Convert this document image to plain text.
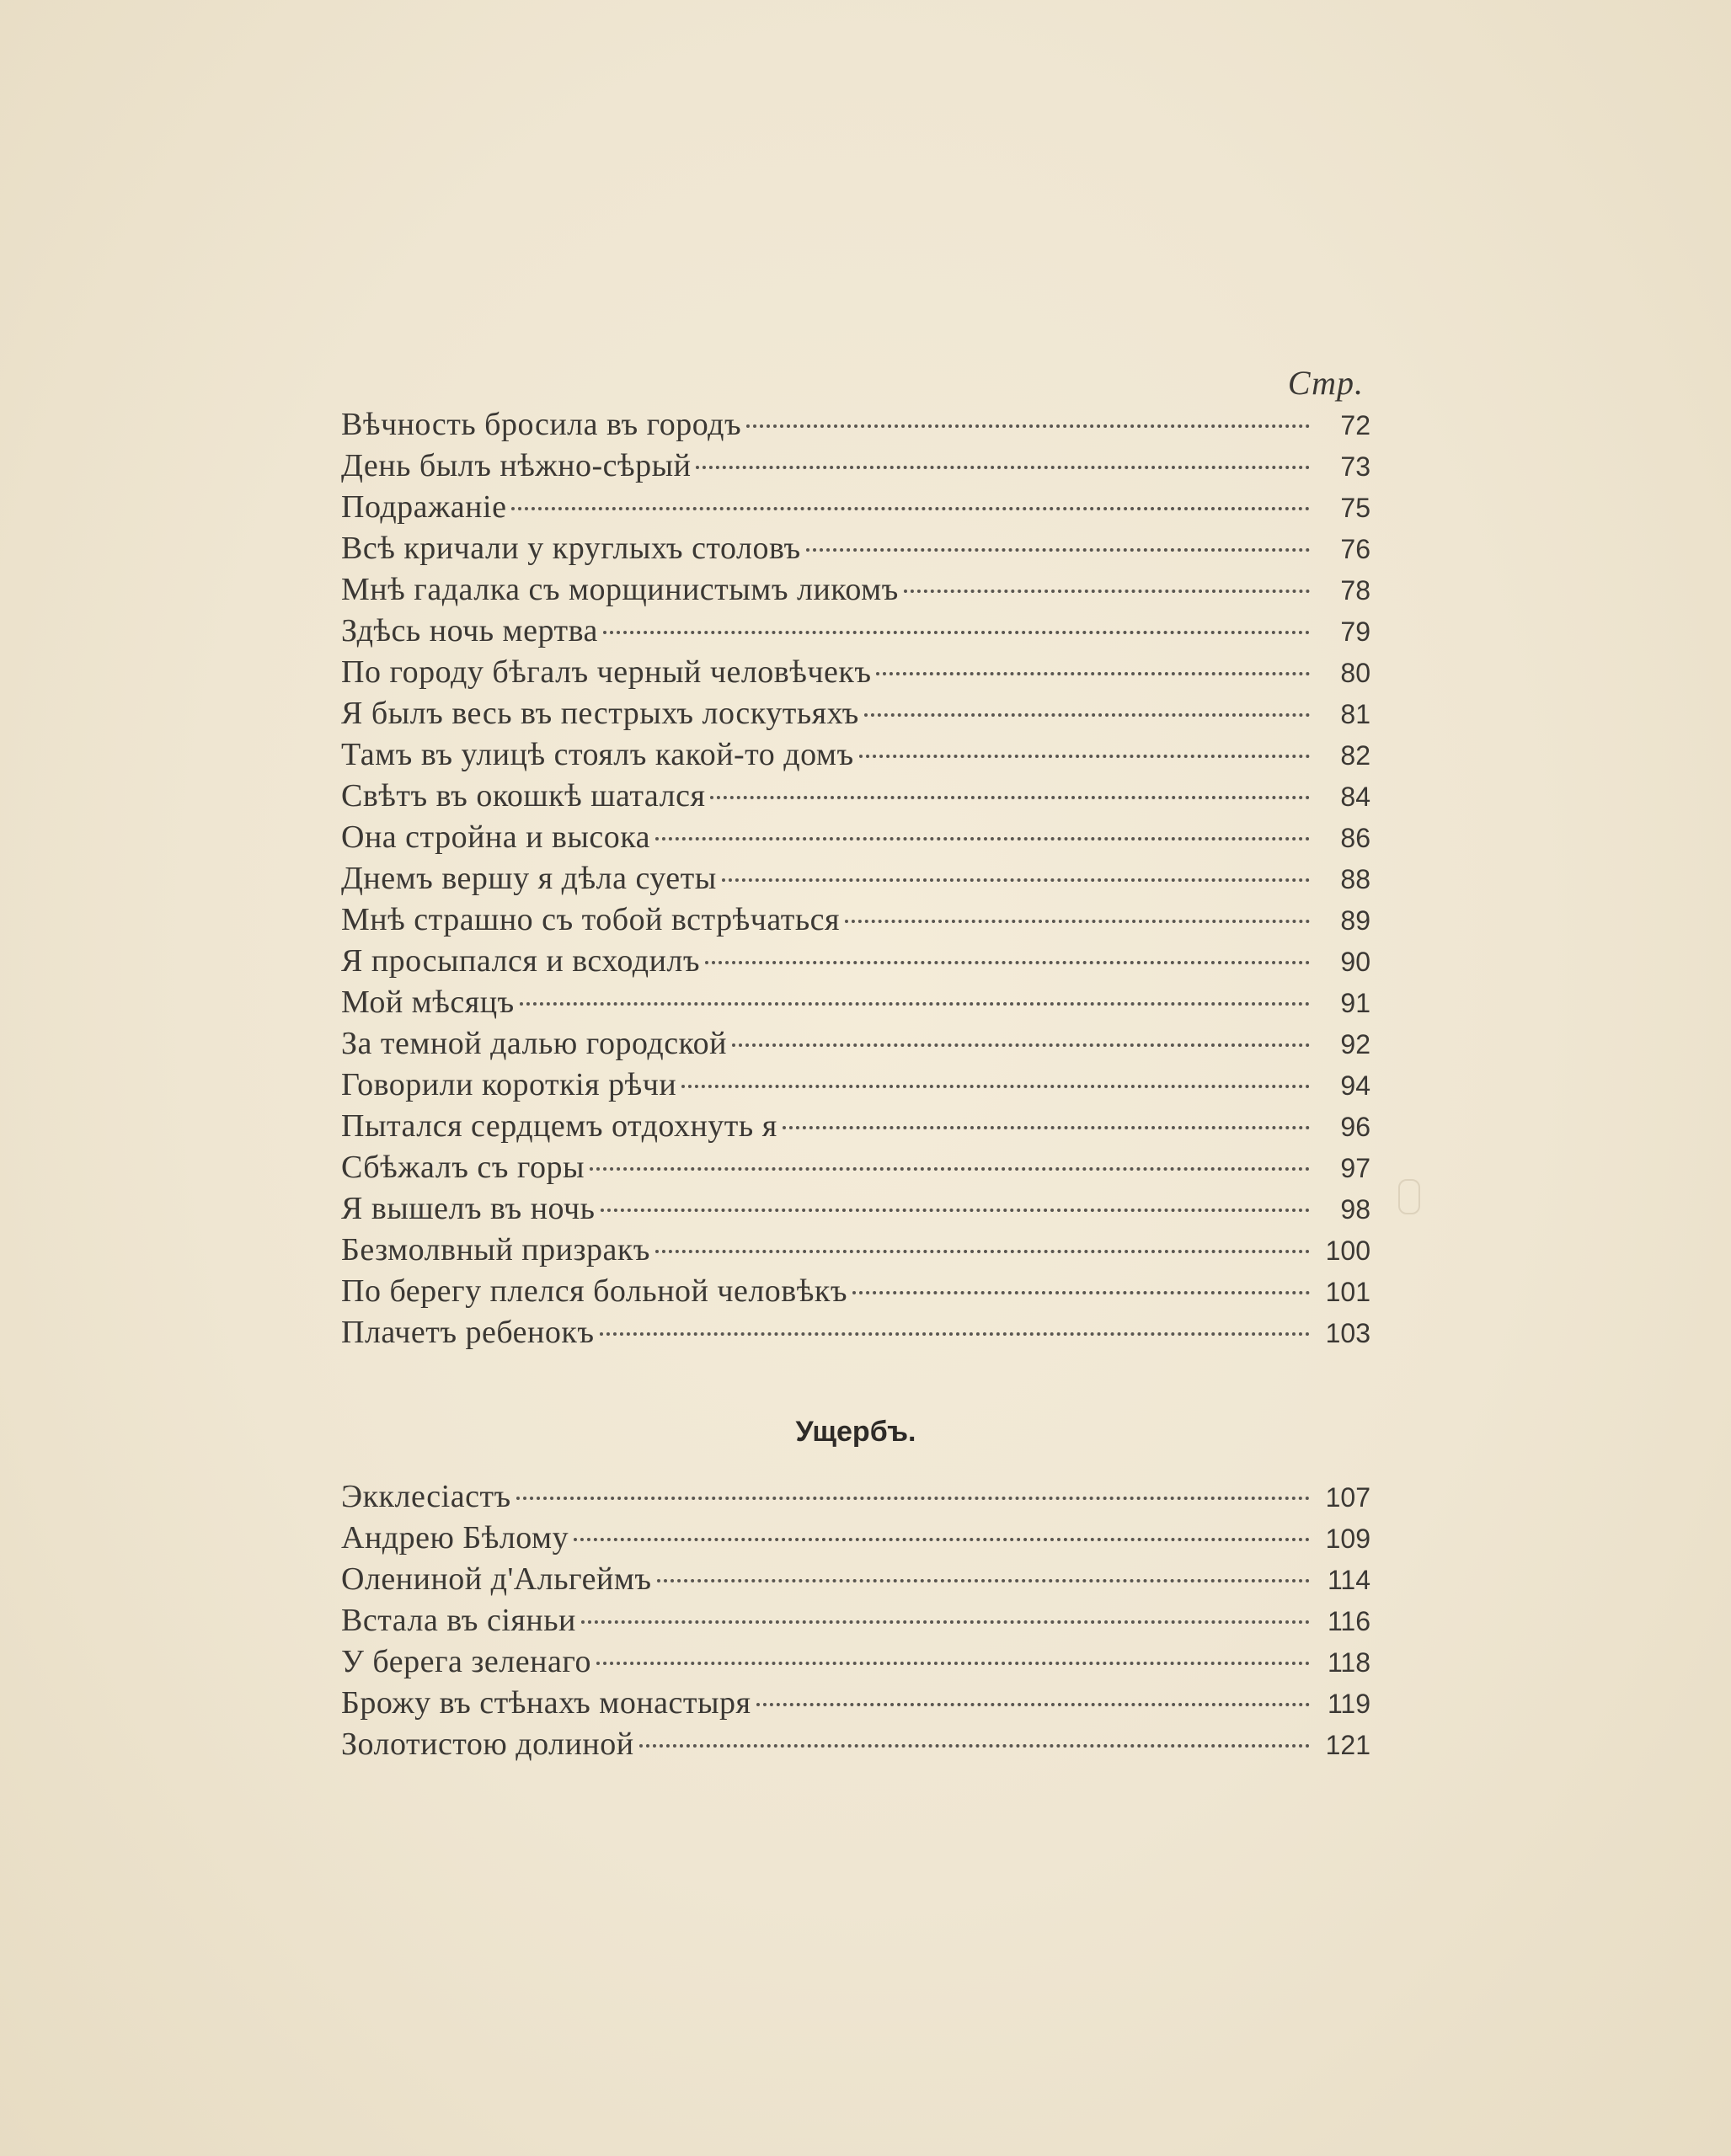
Стр.
Вѣчность бросила въ городъ	72
День былъ нѣжно-сѣрый	73
Подражаніе	75
Всѣ кричали у круглыхъ столовъ	76
Мнѣ гадалка съ морщинистымъ ликомъ	78
Здѣсь ночь мертва	79
По городу бѣгалъ черный человѣчекъ	80
Я былъ весь въ пестрыхъ лоскутьяхъ	81
Тамъ въ улицѣ стоялъ какой-то домъ	82
Свѣтъ въ окошкѣ шатался	84
Она стройна и высока	86
Днемъ вершу я дѣла суеты	88
Мнѣ страшно съ тобой встрѣчаться	89
Я просыпался и всходилъ	90
Мой мѣсяцъ	91
За темной далью городской	92
Говорили короткія рѣчи	94
Пытался сердцемъ отдохнуть я	96
Сбѣжалъ съ горы	97
Я вышелъ въ ночь	98
Безмолвный призракъ	100
По берегу плелся больной человѣкъ	101
Плачетъ ребенокъ	103
Ущербъ.
Экклесіастъ	107
Андрею Бѣлому	109
Олениной д'Альгеймъ	114
Встала въ сіяньи	116
У берега зеленаго	118
Брожу въ стѣнахъ монастыря	119
Золотистою долиной	121
